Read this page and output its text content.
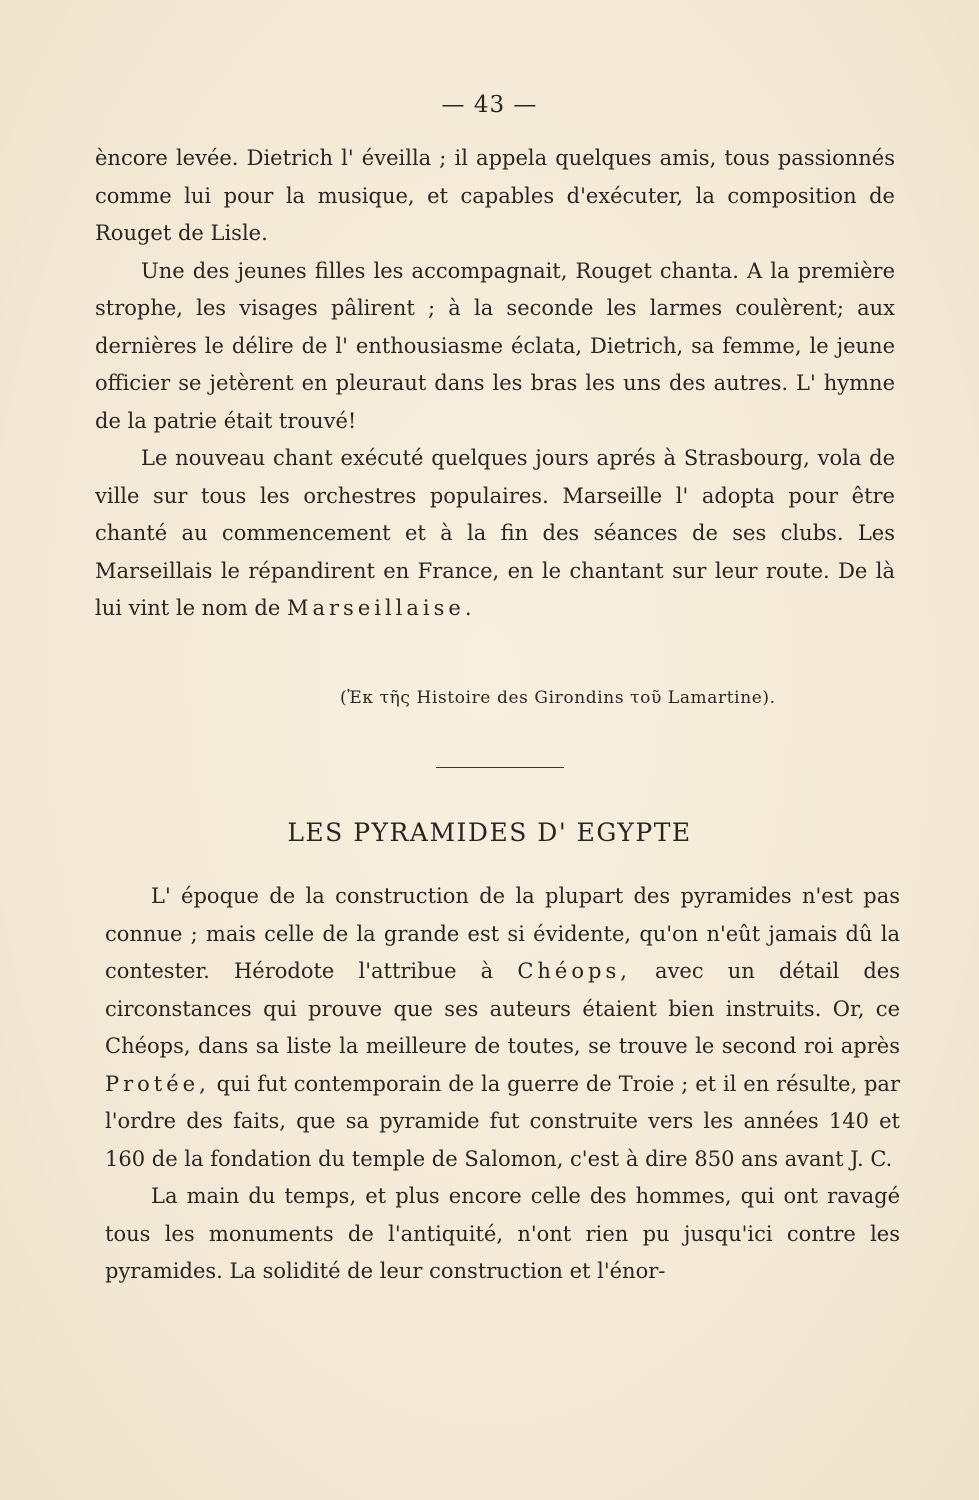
— 43 —

èncore levée. Dietrich l' éveilla ; il appela quelques amis, tous passionnés comme lui pour la musique, et capables d'exécuter, la composition de Rouget de Lisle.

Une des jeunes filles les accompagnait, Rouget chanta. A la première strophe, les visages pâlirent ; à la seconde les larmes coulèrent; aux dernières le délire de l' enthousiasme éclata, Dietrich, sa femme, le jeune officier se jetèrent en pleuraut dans les bras les uns des autres. L' hymne de la patrie était trouvé!

Le nouveau chant exécuté quelques jours aprés à Strasbourg, vola de ville sur tous les orchestres populaires. Marseille l' adopta pour être chanté au commencement et à la fin des séances de ses clubs. Les Marseillais le répandirent en France, en le chantant sur leur route. De là lui vint le nom de Marseillaise.

(Ἐκ τῆς Histoire des Girondins τοῦ Lamartine).
LES PYRAMIDES D' EGYPTE

L' époque de la construction de la plupart des pyramides n'est pas connue ; mais celle de la grande est si évidente, qu'on n'eût jamais dû la contester. Hérodote l'attribue à Chéops, avec un détail des circonstances qui prouve que ses auteurs étaient bien instruits. Or, ce Chéops, dans sa liste la meilleure de toutes, se trouve le second roi après Protée, qui fut contemporain de la guerre de Troie ; et il en résulte, par l'ordre des faits, que sa pyramide fut construite vers les années 140 et 160 de la fondation du temple de Salomon, c'est à dire 850 ans avant J. C.

La main du temps, et plus encore celle des hommes, qui ont ravagé tous les monuments de l'antiquité, n'ont rien pu jusqu'ici contre les pyramides. La solidité de leur construction et l'énor-
